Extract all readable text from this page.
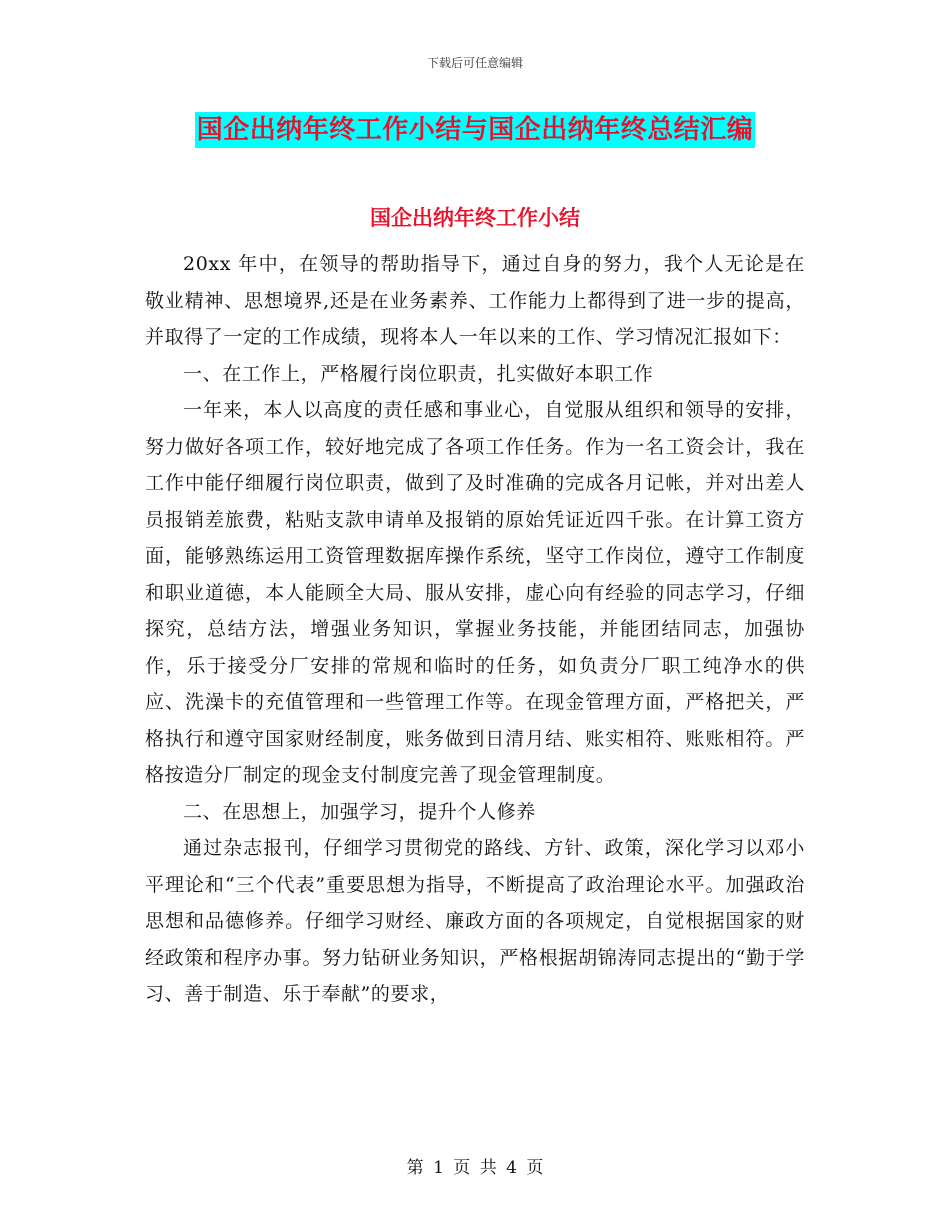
下载后可任意编辑
国企出纳年终工作小结与国企出纳年终总结汇编
国企出纳年终工作小结

20xx 年中，在领导的帮助指导下，通过自身的努力，我个人无论是在敬业精神、思想境界,还是在业务素养、工作能力上都得到了进一步的提高，并取得了一定的工作成绩，现将本人一年以来的工作、学习情况汇报如下：

一、在工作上，严格履行岗位职责，扎实做好本职工作

一年来，本人以高度的责任感和事业心，自觉服从组织和领导的安排，努力做好各项工作，较好地完成了各项工作任务。作为一名工资会计，我在工作中能仔细履行岗位职责，做到了及时准确的完成各月记帐，并对出差人员报销差旅费，粘贴支款申请单及报销的原始凭证近四千张。在计算工资方面，能够熟练运用工资管理数据库操作系统，坚守工作岗位，遵守工作制度和职业道德，本人能顾全大局、服从安排，虚心向有经验的同志学习，仔细探究，总结方法，增强业务知识，掌握业务技能，并能团结同志，加强协作，乐于接受分厂安排的常规和临时的任务，如负责分厂职工纯净水的供应、洗澡卡的充值管理和一些管理工作等。在现金管理方面，严格把关，严格执行和遵守国家财经制度，账务做到日清月结、账实相符、账账相符。严格按造分厂制定的现金支付制度完善了现金管理制度。

二、在思想上，加强学习，提升个人修养

通过杂志报刊，仔细学习贯彻党的路线、方针、政策，深化学习以邓小平理论和“三个代表”重要思想为指导，不断提高了政治理论水平。加强政治思想和品德修养。仔细学习财经、廉政方面的各项规定，自觉根据国家的财经政策和程序办事。努力钻研业务知识，严格根据胡锦涛同志提出的“勤于学习、善于制造、乐于奉献”的要求，

第 1 页 共 4 页
